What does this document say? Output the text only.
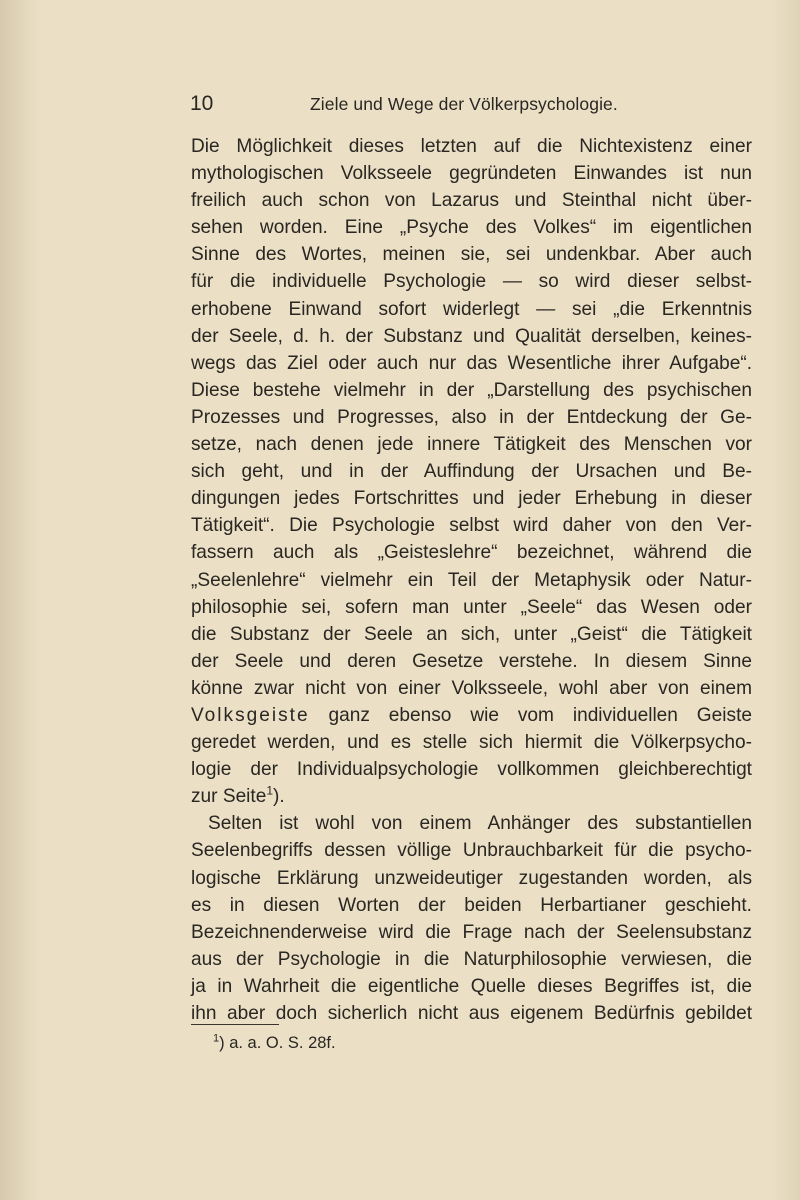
10	Ziele und Wege der Völkerpsychologie.
Die Möglichkeit dieses letzten auf die Nichtexistenz einer
mythologischen Volksseele gegründeten Einwandes ist nun
freilich auch schon von Lazarus und Steinthal nicht über-
sehen worden. Eine „Psyche des Volkes“ im eigentlichen
Sinne des Wortes, meinen sie, sei undenkbar. Aber auch
für die individuelle Psychologie — so wird dieser selbst-
erhobene Einwand sofort widerlegt — sei „die Erkenntnis
der Seele, d. h. der Substanz und Qualität derselben, keines-
wegs das Ziel oder auch nur das Wesentliche ihrer Aufgabe“.
Diese bestehe vielmehr in der „Darstellung des psychischen
Prozesses und Progresses, also in der Entdeckung der Ge-
setze, nach denen jede innere Tätigkeit des Menschen vor
sich geht, und in der Auffindung der Ursachen und Be-
dingungen jedes Fortschrittes und jeder Erhebung in dieser
Tätigkeit“. Die Psychologie selbst wird daher von den Ver-
fassern auch als „Geisteslehre“ bezeichnet, während die
„Seelenlehre“ vielmehr ein Teil der Metaphysik oder Natur-
philosophie sei, sofern man unter „Seele“ das Wesen oder
die Substanz der Seele an sich, unter „Geist“ die Tätigkeit
der Seele und deren Gesetze verstehe. In diesem Sinne
könne zwar nicht von einer Volksseele, wohl aber von einem
Volksgeiste ganz ebenso wie vom individuellen Geiste
geredet werden, und es stelle sich hiermit die Völkerpsycho-
logie der Individualpsychologie vollkommen gleichberechtigt
zur Seite$^1$).
Selten ist wohl von einem Anhänger des substantiellen
Seelenbegriffs dessen völlige Unbrauchbarkeit für die psycho-
logische Erklärung unzweideutiger zugestanden worden, als
es in diesen Worten der beiden Herbartianer geschieht.
Bezeichnenderweise wird die Frage nach der Seelensubstanz
aus der Psychologie in die Naturphilosophie verwiesen, die
ja in Wahrheit die eigentliche Quelle dieses Begriffes ist, die
ihn aber doch sicherlich nicht aus eigenem Bedürfnis gebildet
$^1$) a. a. O. S. 28f.
